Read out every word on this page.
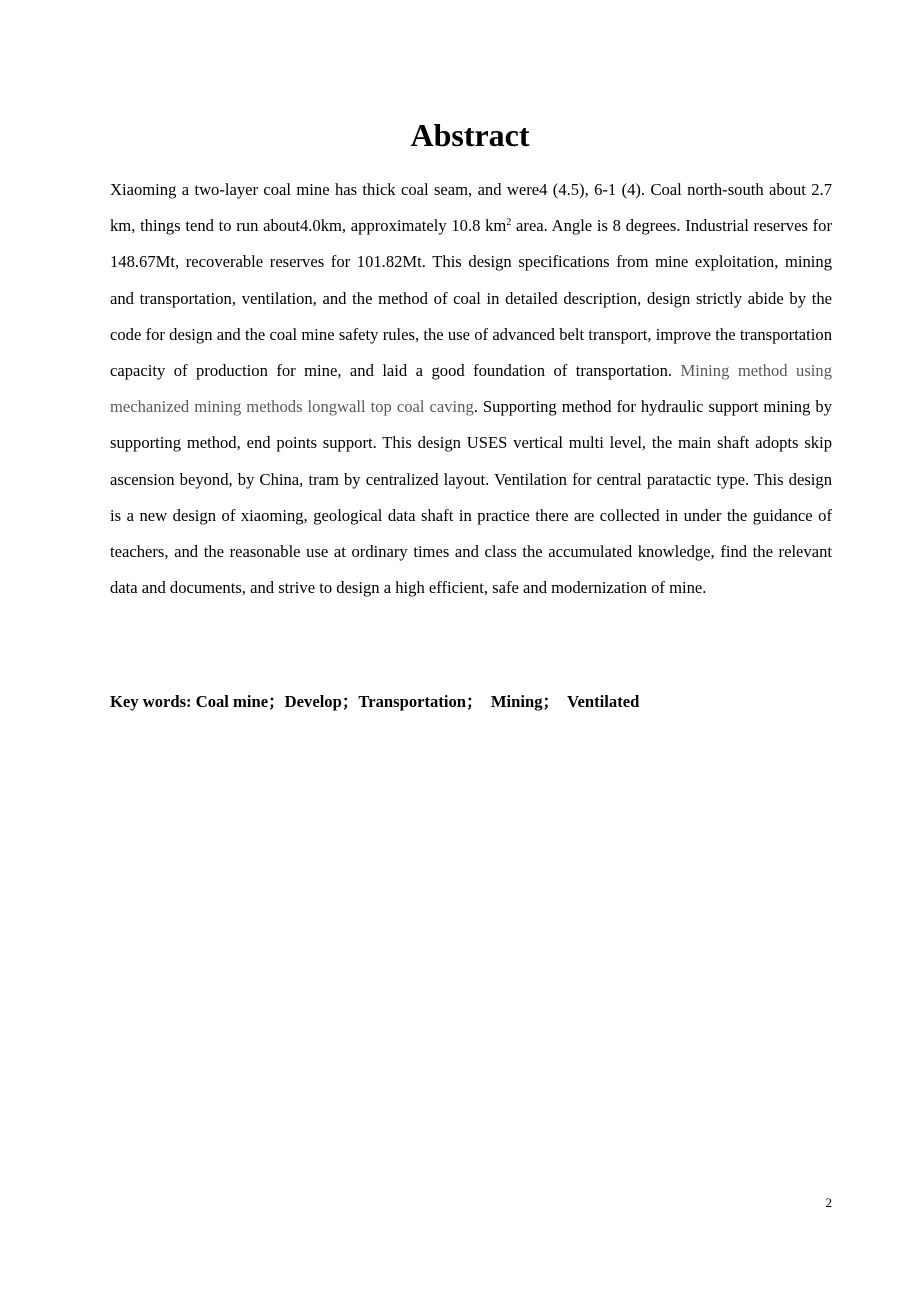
Abstract

Xiaoming a two-layer coal mine has thick coal seam, and were4 (4.5), 6-1 (4). Coal north-south about 2.7 km, things tend to run about4.0km, approximately 10.8 $km^2$ area. Angle is 8 degrees. Industrial reserves for 148.67Mt, recoverable reserves for 101.82Mt. This design specifications from mine exploitation, mining and transportation, ventilation, and the method of coal in detailed description, design strictly abide by the code for design and the coal mine safety rules, the use of advanced belt transport, improve the transportation capacity of production for mine, and laid a good foundation of transportation. Mining method using mechanized mining methods longwall top coal caving. Supporting method for hydraulic support mining by supporting method, end points support. This design USES vertical multi level, the main shaft adopts skip ascension beyond, by China, tram by centralized layout. Ventilation for central paratactic type. This design is a new design of xiaoming, geological data shaft in practice there are collected in under the guidance of teachers, and the reasonable use at ordinary times and class the accumulated knowledge, find the relevant data and documents, and strive to design a high efficient, safe and modernization of mine.

Key words: Coal mine；Develop；Transportation；  Mining；  Ventilated

2
